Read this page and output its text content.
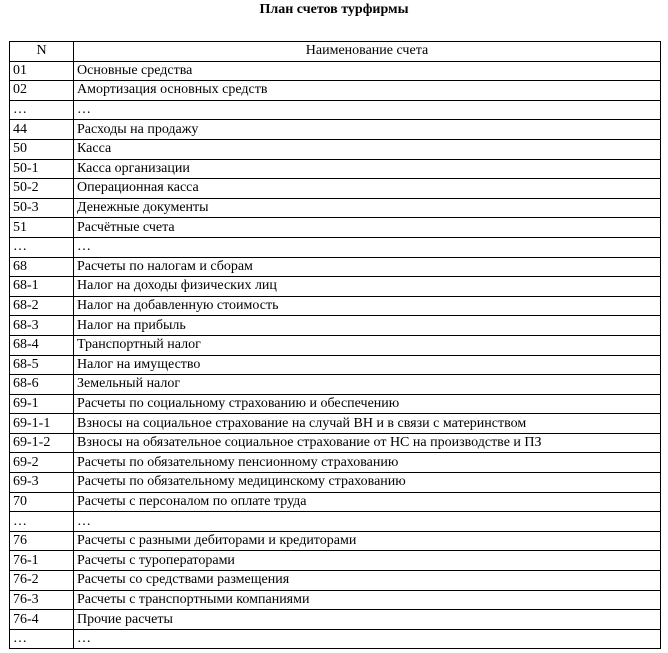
План счетов турфирмы
N	Наименование счета
01	Основные средства
02	Амортизация основных средств
…	…
44	Расходы на продажу
50	Касса
50-1	Касса организации
50-2	Операционная касса
50-3	Денежные документы
51	Расчётные счета
…	…
68	Расчеты по налогам и сборам
68-1	Налог на доходы физических лиц
68-2	Налог на добавленную стоимость
68-3	Налог на прибыль
68-4	Транспортный налог
68-5	Налог на имущество
68-6	Земельный налог
69-1	Расчеты по социальному страхованию и обеспечению
69-1-1	Взносы на социальное страхование на случай ВН и в связи с материнством
69-1-2	Взносы на обязательное социальное страхование от НС на производстве и ПЗ
69-2	Расчеты по обязательному пенсионному страхованию
69-3	Расчеты по обязательному медицинскому страхованию
70	Расчеты с персоналом по оплате труда
…	…
76	Расчеты с разными дебиторами и кредиторами
76-1	Расчеты с туроператорами
76-2	Расчеты со средствами размещения
76-3	Расчеты с транспортными компаниями
76-4	Прочие расчеты
…	…
